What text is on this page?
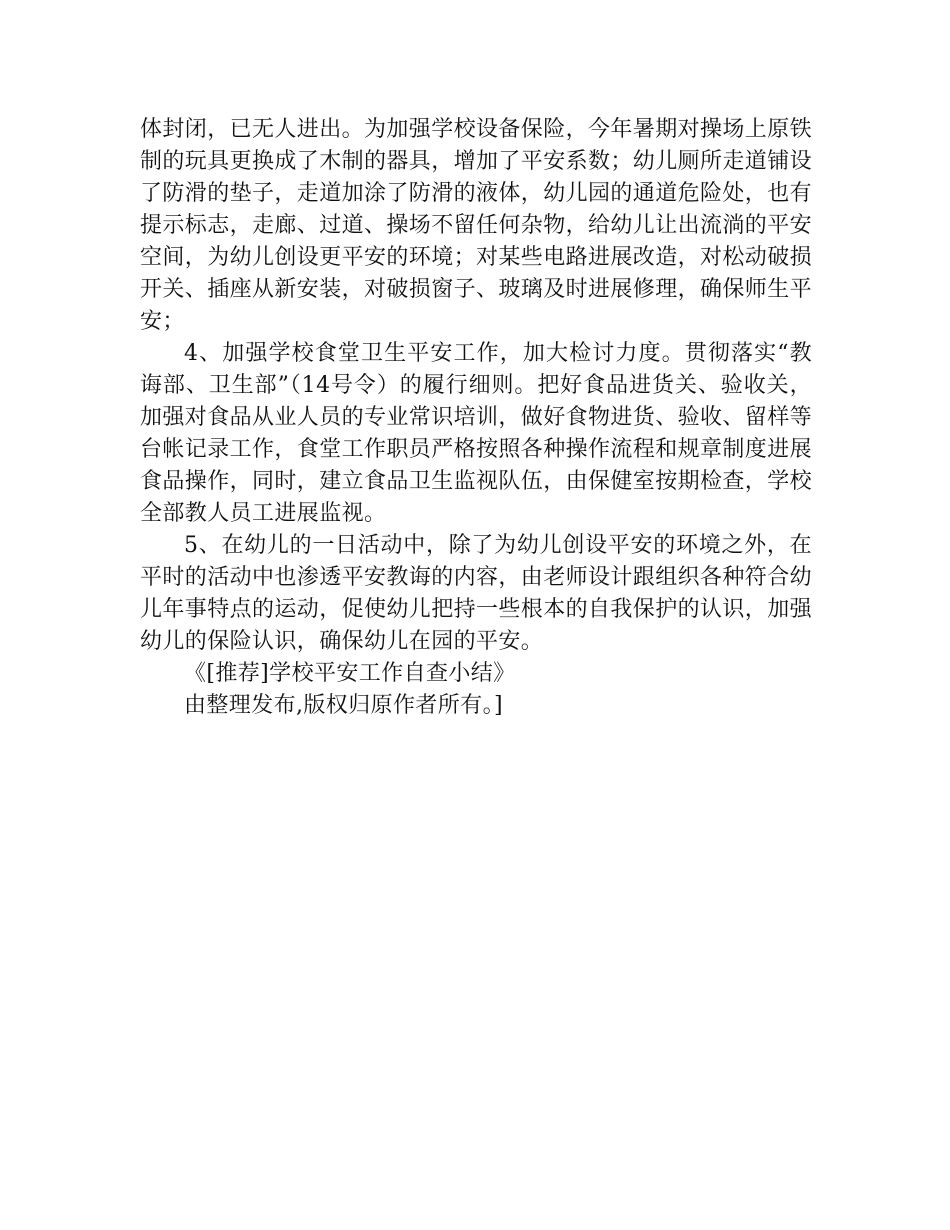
体封闭，已无人进出。为加强学校设备保险，今年暑期对操场上原铁制的玩具更换成了木制的器具，增加了平安系数；幼儿厕所走道铺设了防滑的垫子，走道加涂了防滑的液体，幼儿园的通道危险处，也有提示标志，走廊、过道、操场不留任何杂物，给幼儿让出流淌的平安空间，为幼儿创设更平安的环境；对某些电路进展改造，对松动破损开关、插座从新安装，对破损窗子、玻璃及时进展修理，确保师生平安；

4、加强学校食堂卫生平安工作，加大检讨力度。贯彻落实“教诲部、卫生部”（14号令）的履行细则。把好食品进货关、验收关，加强对食品从业人员的专业常识培训，做好食物进货、验收、留样等台帐记录工作，食堂工作职员严格按照各种操作流程和规章制度进展食品操作，同时，建立食品卫生监视队伍，由保健室按期检查，学校全部教人员工进展监视。

5、在幼儿的一日活动中，除了为幼儿创设平安的环境之外，在平时的活动中也渗透平安教诲的内容，由老师设计跟组织各种符合幼儿年事特点的运动，促使幼儿把持一些根本的自我保护的认识，加强幼儿的保险认识，确保幼儿在园的平安。

《[推荐]学校平安工作自查小结》

由整理发布,版权归原作者所有。]
